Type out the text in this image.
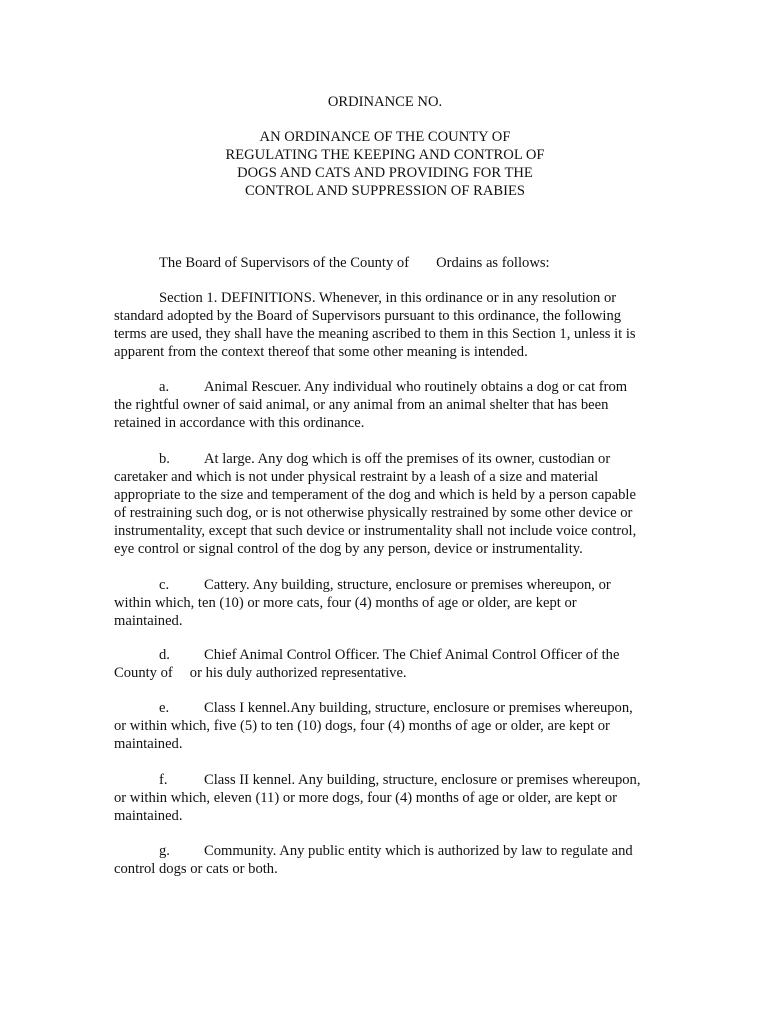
ORDINANCE NO.
AN ORDINANCE OF THE COUNTY OF
REGULATING THE KEEPING AND CONTROL OF
DOGS AND CATS AND PROVIDING FOR THE
CONTROL AND SUPPRESSION OF RABIES
The Board of Supervisors of the County of Ordains as follows:
Section 1. DEFINITIONS. Whenever, in this ordinance or in any resolution or
standard adopted by the Board of Supervisors pursuant to this ordinance, the following
terms are used, they shall have the meaning ascribed to them in this Section 1, unless it is
apparent from the context thereof that some other meaning is intended.
a. Animal Rescuer. Any individual who routinely obtains a dog or cat from
the rightful owner of said animal, or any animal from an animal shelter that has been
retained in accordance with this ordinance.
b. At large. Any dog which is off the premises of its owner, custodian or
caretaker and which is not under physical restraint by a leash of a size and material
appropriate to the size and temperament of the dog and which is held by a person capable
of restraining such dog, or is not otherwise physically restrained by some other device or
instrumentality, except that such device or instrumentality shall not include voice control,
eye control or signal control of the dog by any person, device or instrumentality.
c. Cattery. Any building, structure, enclosure or premises whereupon, or
within which, ten (10) or more cats, four (4) months of age or older, are kept or
maintained.
d. Chief Animal Control Officer. The Chief Animal Control Officer of the
County of or his duly authorized representative.
e. Class I kennel.Any building, structure, enclosure or premises whereupon,
or within which, five (5) to ten (10) dogs, four (4) months of age or older, are kept or
maintained.
f. Class II kennel. Any building, structure, enclosure or premises whereupon,
or within which, eleven (11) or more dogs, four (4) months of age or older, are kept or
maintained.
g. Community. Any public entity which is authorized by law to regulate and
control dogs or cats or both.
